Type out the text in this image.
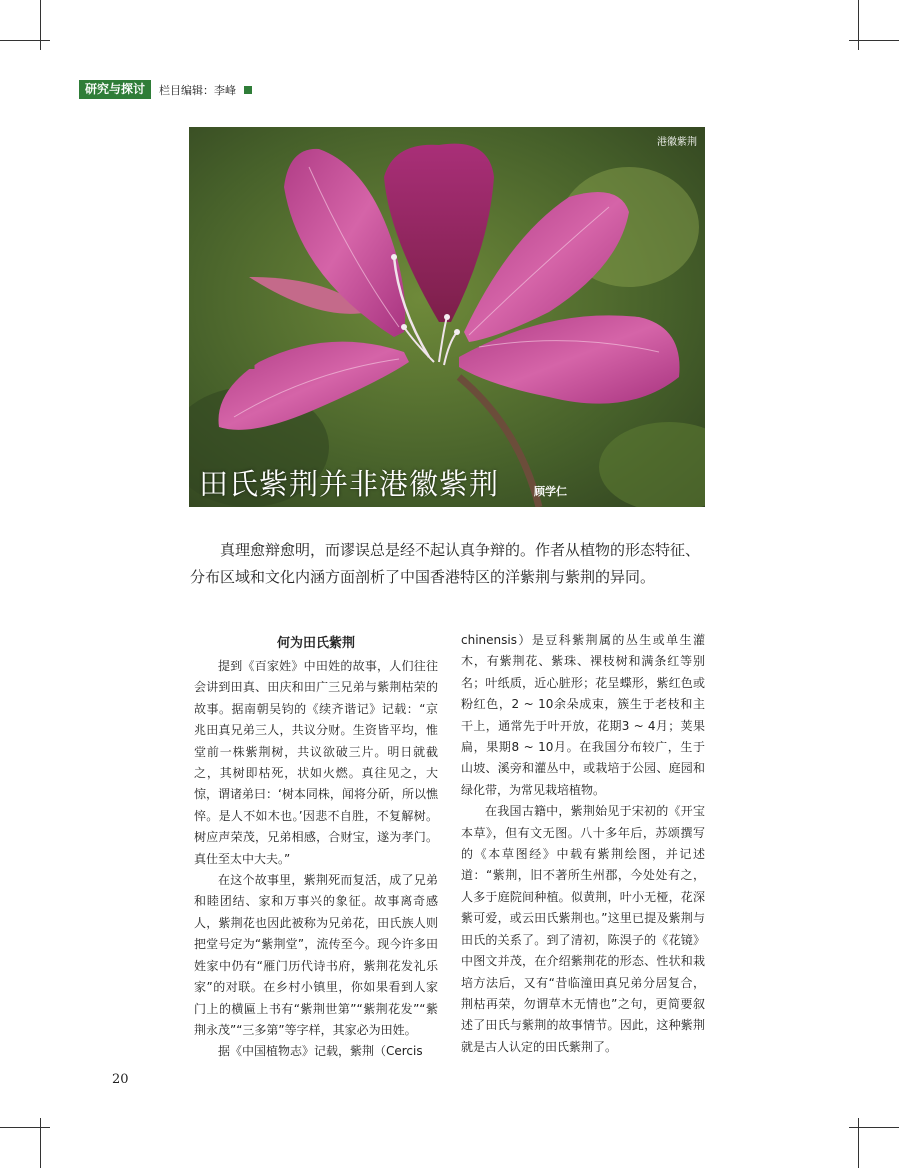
研究与探讨	栏目编辑：李峰
港徽紫荆
田氏紫荆并非港徽紫荆	顾学仁
真理愈辩愈明，而谬误总是经不起认真争辩的。作者从植物的形态特征、分布区域和文化内涵方面剖析了中国香港特区的洋紫荆与紫荆的异同。
何为田氏紫荆

提到《百家姓》中田姓的故事，人们往往会讲到田真、田庆和田广三兄弟与紫荆枯荣的故事。据南朝吴钧的《续齐谐记》记载：“京兆田真兄弟三人，共议分财。生资皆平均，惟堂前一株紫荆树，共议欲破三片。明日就截之，其树即枯死，状如火燃。真往见之，大惊，谓诸弟曰：‘树本同株，闻将分斫，所以憔悴。是人不如木也。’因悲不自胜，不复解树。树应声荣茂，兄弟相感，合财宝，遂为孝门。真仕至太中大夫。”

在这个故事里，紫荆死而复活，成了兄弟和睦团结、家和万事兴的象征。故事离奇感人，紫荆花也因此被称为兄弟花，田氏族人则把堂号定为“紫荆堂”，流传至今。现今许多田姓家中仍有“雁门历代诗书府，紫荆花发礼乐家”的对联。在乡村小镇里，你如果看到人家门上的横匾上书有“紫荆世第”“紫荆花发”“紫荆永茂”“三多第”等字样，其家必为田姓。

据《中国植物志》记载，紫荆（Cercis

chinensis）是豆科紫荆属的丛生或单生灌木，有紫荆花、紫珠、裸枝树和满条红等别名；叶纸质，近心脏形；花呈蝶形，紫红色或粉红色，2 ~ 10余朵成束，簇生于老枝和主干上，通常先于叶开放，花期3 ~ 4月；荚果扁，果期8 ~ 10月。在我国分布较广，生于山坡、溪旁和灌丛中，或栽培于公园、庭园和绿化带，为常见栽培植物。

在我国古籍中，紫荆始见于宋初的《开宝本草》，但有文无图。八十多年后，苏颂撰写的《本草图经》中载有紫荆绘图，并记述道：“紫荆，旧不著所生州郡，今处处有之，人多于庭院间种植。似黄荆，叶小无桠，花深紫可爱，或云田氏紫荆也。”这里已提及紫荆与田氏的关系了。到了清初，陈淏子的《花镜》中图文并茂，在介绍紫荆花的形态、性状和栽培方法后，又有“昔临潼田真兄弟分居复合，荆枯再荣，勿谓草木无情也”之句，更简要叙述了田氏与紫荆的故事情节。因此，这种紫荆就是古人认定的田氏紫荆了。

20
